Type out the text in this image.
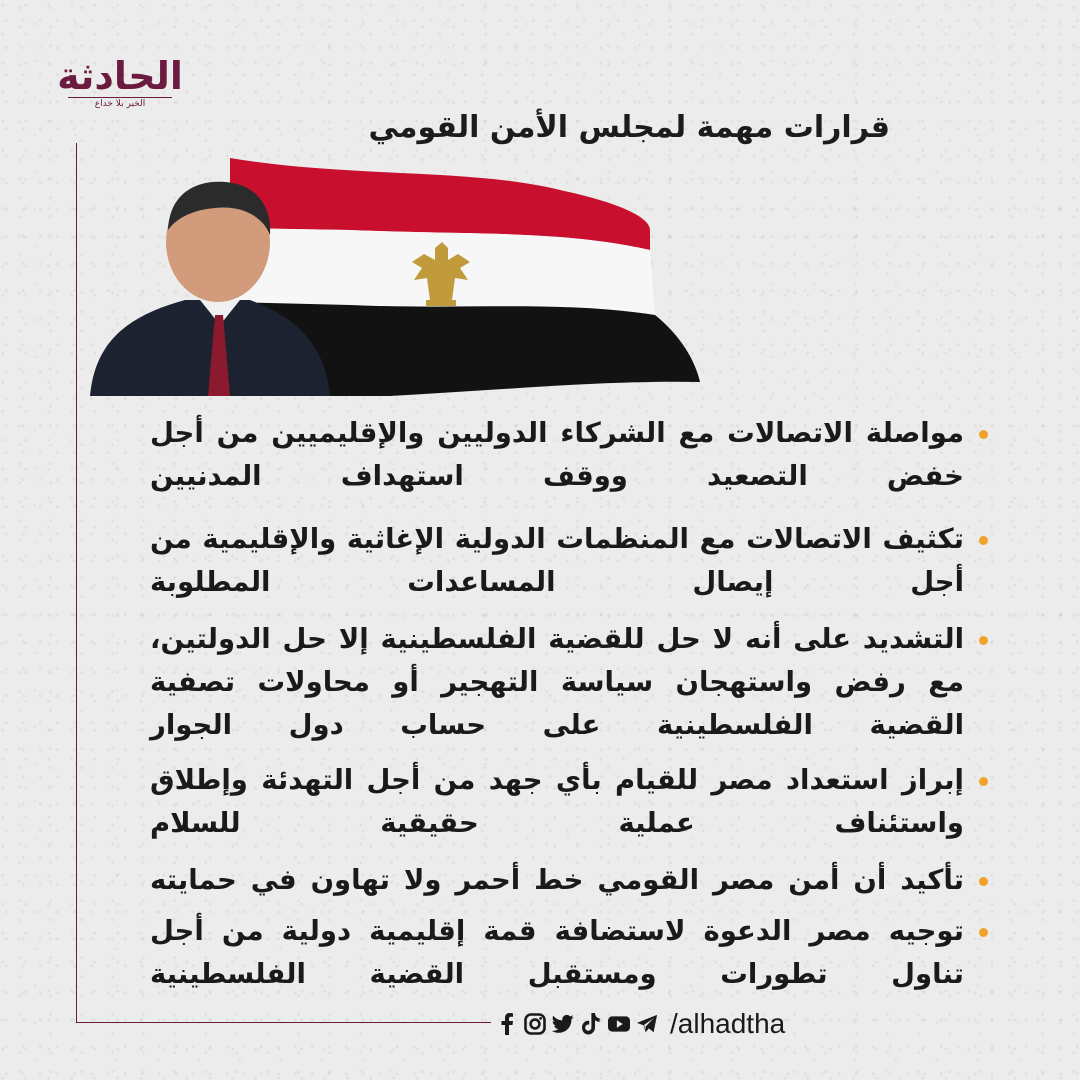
الحادثة
الخبر بلا خداع
قرارات مهمة لمجلس الأمن القومي
مواصلة الاتصالات مع الشركاء الدوليين والإقليميين من أجل خفض التصعيد ووقف استهداف المدنيين
تكثيف الاتصالات مع المنظمات الدولية الإغاثية والإقليمية من أجل إيصال المساعدات المطلوبة
التشديد على أنه لا حل للقضية الفلسطينية إلا حل الدولتين، مع رفض واستهجان سياسة التهجير أو محاولات تصفية القضية الفلسطينية على حساب دول الجوار
إبراز استعداد مصر للقيام بأي جهد من أجل التهدئة وإطلاق واستئناف عملية حقيقية للسلام
تأكيد أن أمن مصر القومي خط أحمر ولا تهاون في حمايته
توجيه مصر الدعوة لاستضافة قمة إقليمية دولية من أجل تناول تطورات ومستقبل القضية الفلسطينية
/alhadtha
